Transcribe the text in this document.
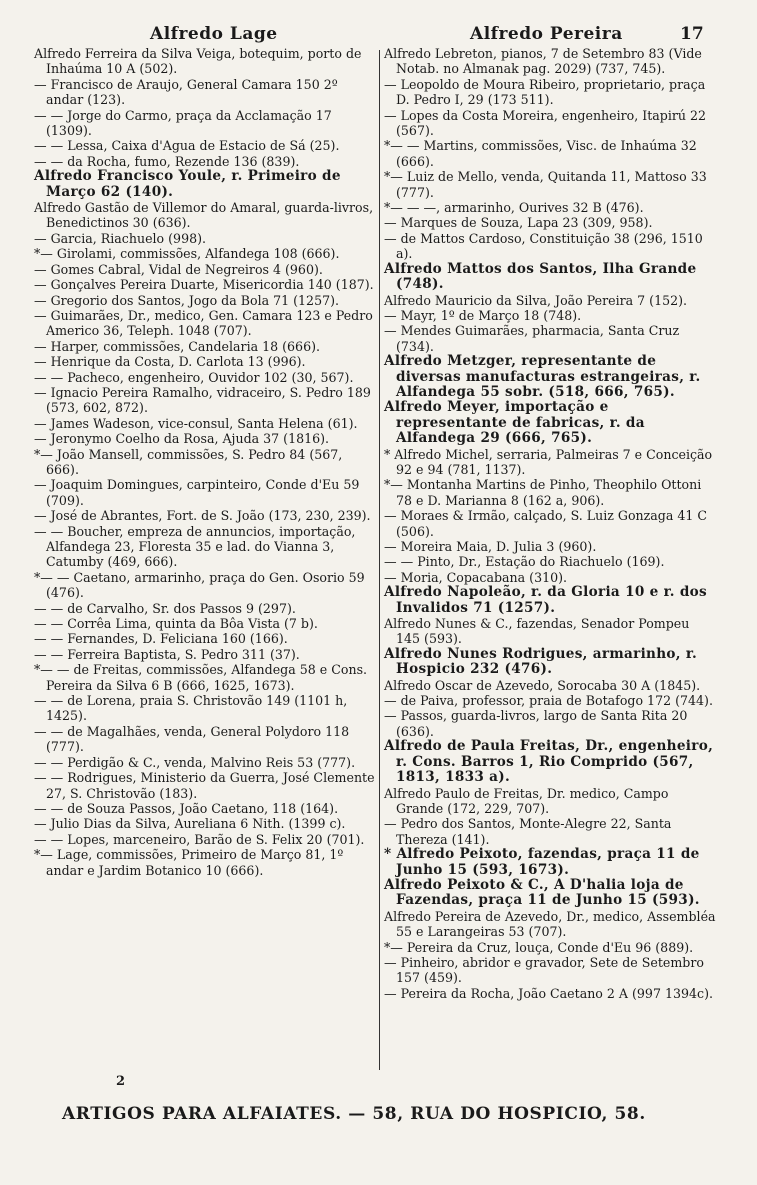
Alfredo Lage	Alfredo Pereira	17

Alfredo Ferreira da Silva Veiga, botequim, porto de Inhaúma 10 A (502).

— Francisco de Araujo, General Camara 150 2º andar (123).

— — Jorge do Carmo, praça da Acclamação 17 (1309).

— — Lessa, Caixa d'Agua de Estacio de Sá (25).

— — da Rocha, fumo, Rezende 136 (839).

Alfredo Francisco Youle, r. Primeiro de Março 62 (140).

Alfredo Gastão de Villemor do Amaral, guarda-livros, Benedictinos 30 (636).

— Garcia, Riachuelo (998).

*— Girolami, commissões, Alfandega 108 (666).

— Gomes Cabral, Vidal de Negreiros 4 (960).

— Gonçalves Pereira Duarte, Misericordia 140 (187).

— Gregorio dos Santos, Jogo da Bola 71 (1257).

— Guimarães, Dr., medico, Gen. Camara 123 e Pedro Americo 36, Teleph. 1048 (707).

— Harper, commissões, Candelaria 18 (666).

— Henrique da Costa, D. Carlota 13 (996).

— — Pacheco, engenheiro, Ouvidor 102 (30, 567).

— Ignacio Pereira Ramalho, vidraceiro, S. Pedro 189 (573, 602, 872).

— James Wadeson, vice-consul, Santa Helena (61).

— Jeronymo Coelho da Rosa, Ajuda 37 (1816).

*— João Mansell, commissões, S. Pedro 84 (567, 666).

— Joaquim Domingues, carpinteiro, Conde d'Eu 59 (709).

— José de Abrantes, Fort. de S. João (173, 230, 239).

— — Boucher, empreza de annuncios, importação, Alfandega 23, Floresta 35 e lad. do Vianna 3, Catumby (469, 666).

*— — Caetano, armarinho, praça do Gen. Osorio 59 (476).

— — de Carvalho, Sr. dos Passos 9 (297).

— — Corrêa Lima, quinta da Bôa Vista (7 b).

— — Fernandes, D. Feliciana 160 (166).

— — Ferreira Baptista, S. Pedro 311 (37).

*— — de Freitas, commissões, Alfandega 58 e Cons. Pereira da Silva 6 B (666, 1625, 1673).

— — de Lorena, praia S. Christovão 149 (1101 h, 1425).

— — de Magalhães, venda, General Polydoro 118 (777).

— — Perdigão & C., venda, Malvino Reis 53 (777).

— — Rodrigues, Ministerio da Guerra, José Clemente 27, S. Christovão (183).

— — de Souza Passos, João Caetano, 118 (164).

— Julio Dias da Silva, Aureliana 6 Nith. (1399 c).

— — Lopes, marceneiro, Barão de S. Felix 20 (701).

*— Lage, commissões, Primeiro de Março 81, 1º andar e Jardim Botanico 10 (666).

Alfredo Lebreton, pianos, 7 de Setembro 83 (Vide Notab. no Almanak pag. 2029) (737, 745).

— Leopoldo de Moura Ribeiro, proprietario, praça D. Pedro I, 29 (173 511).

— Lopes da Costa Moreira, engenheiro, Itapirú 22 (567).

*— — Martins, commissões, Visc. de Inhaúma 32 (666).

*— Luiz de Mello, venda, Quitanda 11, Mattoso 33 (777).

*— — —, armarinho, Ourives 32 B (476).

— Marques de Souza, Lapa 23 (309, 958).

— de Mattos Cardoso, Constituição 38 (296, 1510 a).

Alfredo Mattos dos Santos, Ilha Grande (748).

Alfredo Mauricio da Silva, João Pereira 7 (152).

— Mayr, 1º de Março 18 (748).

— Mendes Guimarães, pharmacia, Santa Cruz (734).

Alfredo Metzger, representante de diversas manufacturas estrangeiras, r. Alfandega 55 sobr. (518, 666, 765).

Alfredo Meyer, importação e representante de fabricas, r. da Alfandega 29 (666, 765).

* Alfredo Michel, serraria, Palmeiras 7 e Conceição 92 e 94 (781, 1137).

*— Montanha Martins de Pinho, Theophilo Ottoni 78 e D. Marianna 8 (162 a, 906).

— Moraes & Irmão, calçado, S. Luiz Gonzaga 41 C (506).

— Moreira Maia, D. Julia 3 (960).

— — Pinto, Dr., Estação do Riachuelo (169).

— Moria, Copacabana (310).

Alfredo Napoleão, r. da Gloria 10 e r. dos Invalidos 71 (1257).

Alfredo Nunes & C., fazendas, Senador Pompeu 145 (593).

Alfredo Nunes Rodrigues, armarinho, r. Hospicio 232 (476).

Alfredo Oscar de Azevedo, Sorocaba 30 A (1845).

— de Paiva, professor, praia de Botafogo 172 (744).

— Passos, guarda-livros, largo de Santa Rita 20 (636).

Alfredo de Paula Freitas, Dr., engenheiro, r. Cons. Barros 1, Rio Comprido (567, 1813, 1833 a).

Alfredo Paulo de Freitas, Dr. medico, Campo Grande (172, 229, 707).

— Pedro dos Santos, Monte-Alegre 22, Santa Thereza (141).

* Alfredo Peixoto, fazendas, praça 11 de Junho 15 (593, 1673).

Alfredo Peixoto & C., A D'halia loja de Fazendas, praça 11 de Junho 15 (593).

Alfredo Pereira de Azevedo, Dr., medico, Assembléa 55 e Larangeiras 53 (707).

*— Pereira da Cruz, louça, Conde d'Eu 96 (889).

— Pinheiro, abridor e gravador, Sete de Setembro 157 (459).

— Pereira da Rocha, João Caetano 2 A (997 1394c).

2
ARTIGOS PARA ALFAIATES. — 58, RUA DO HOSPICIO, 58.
